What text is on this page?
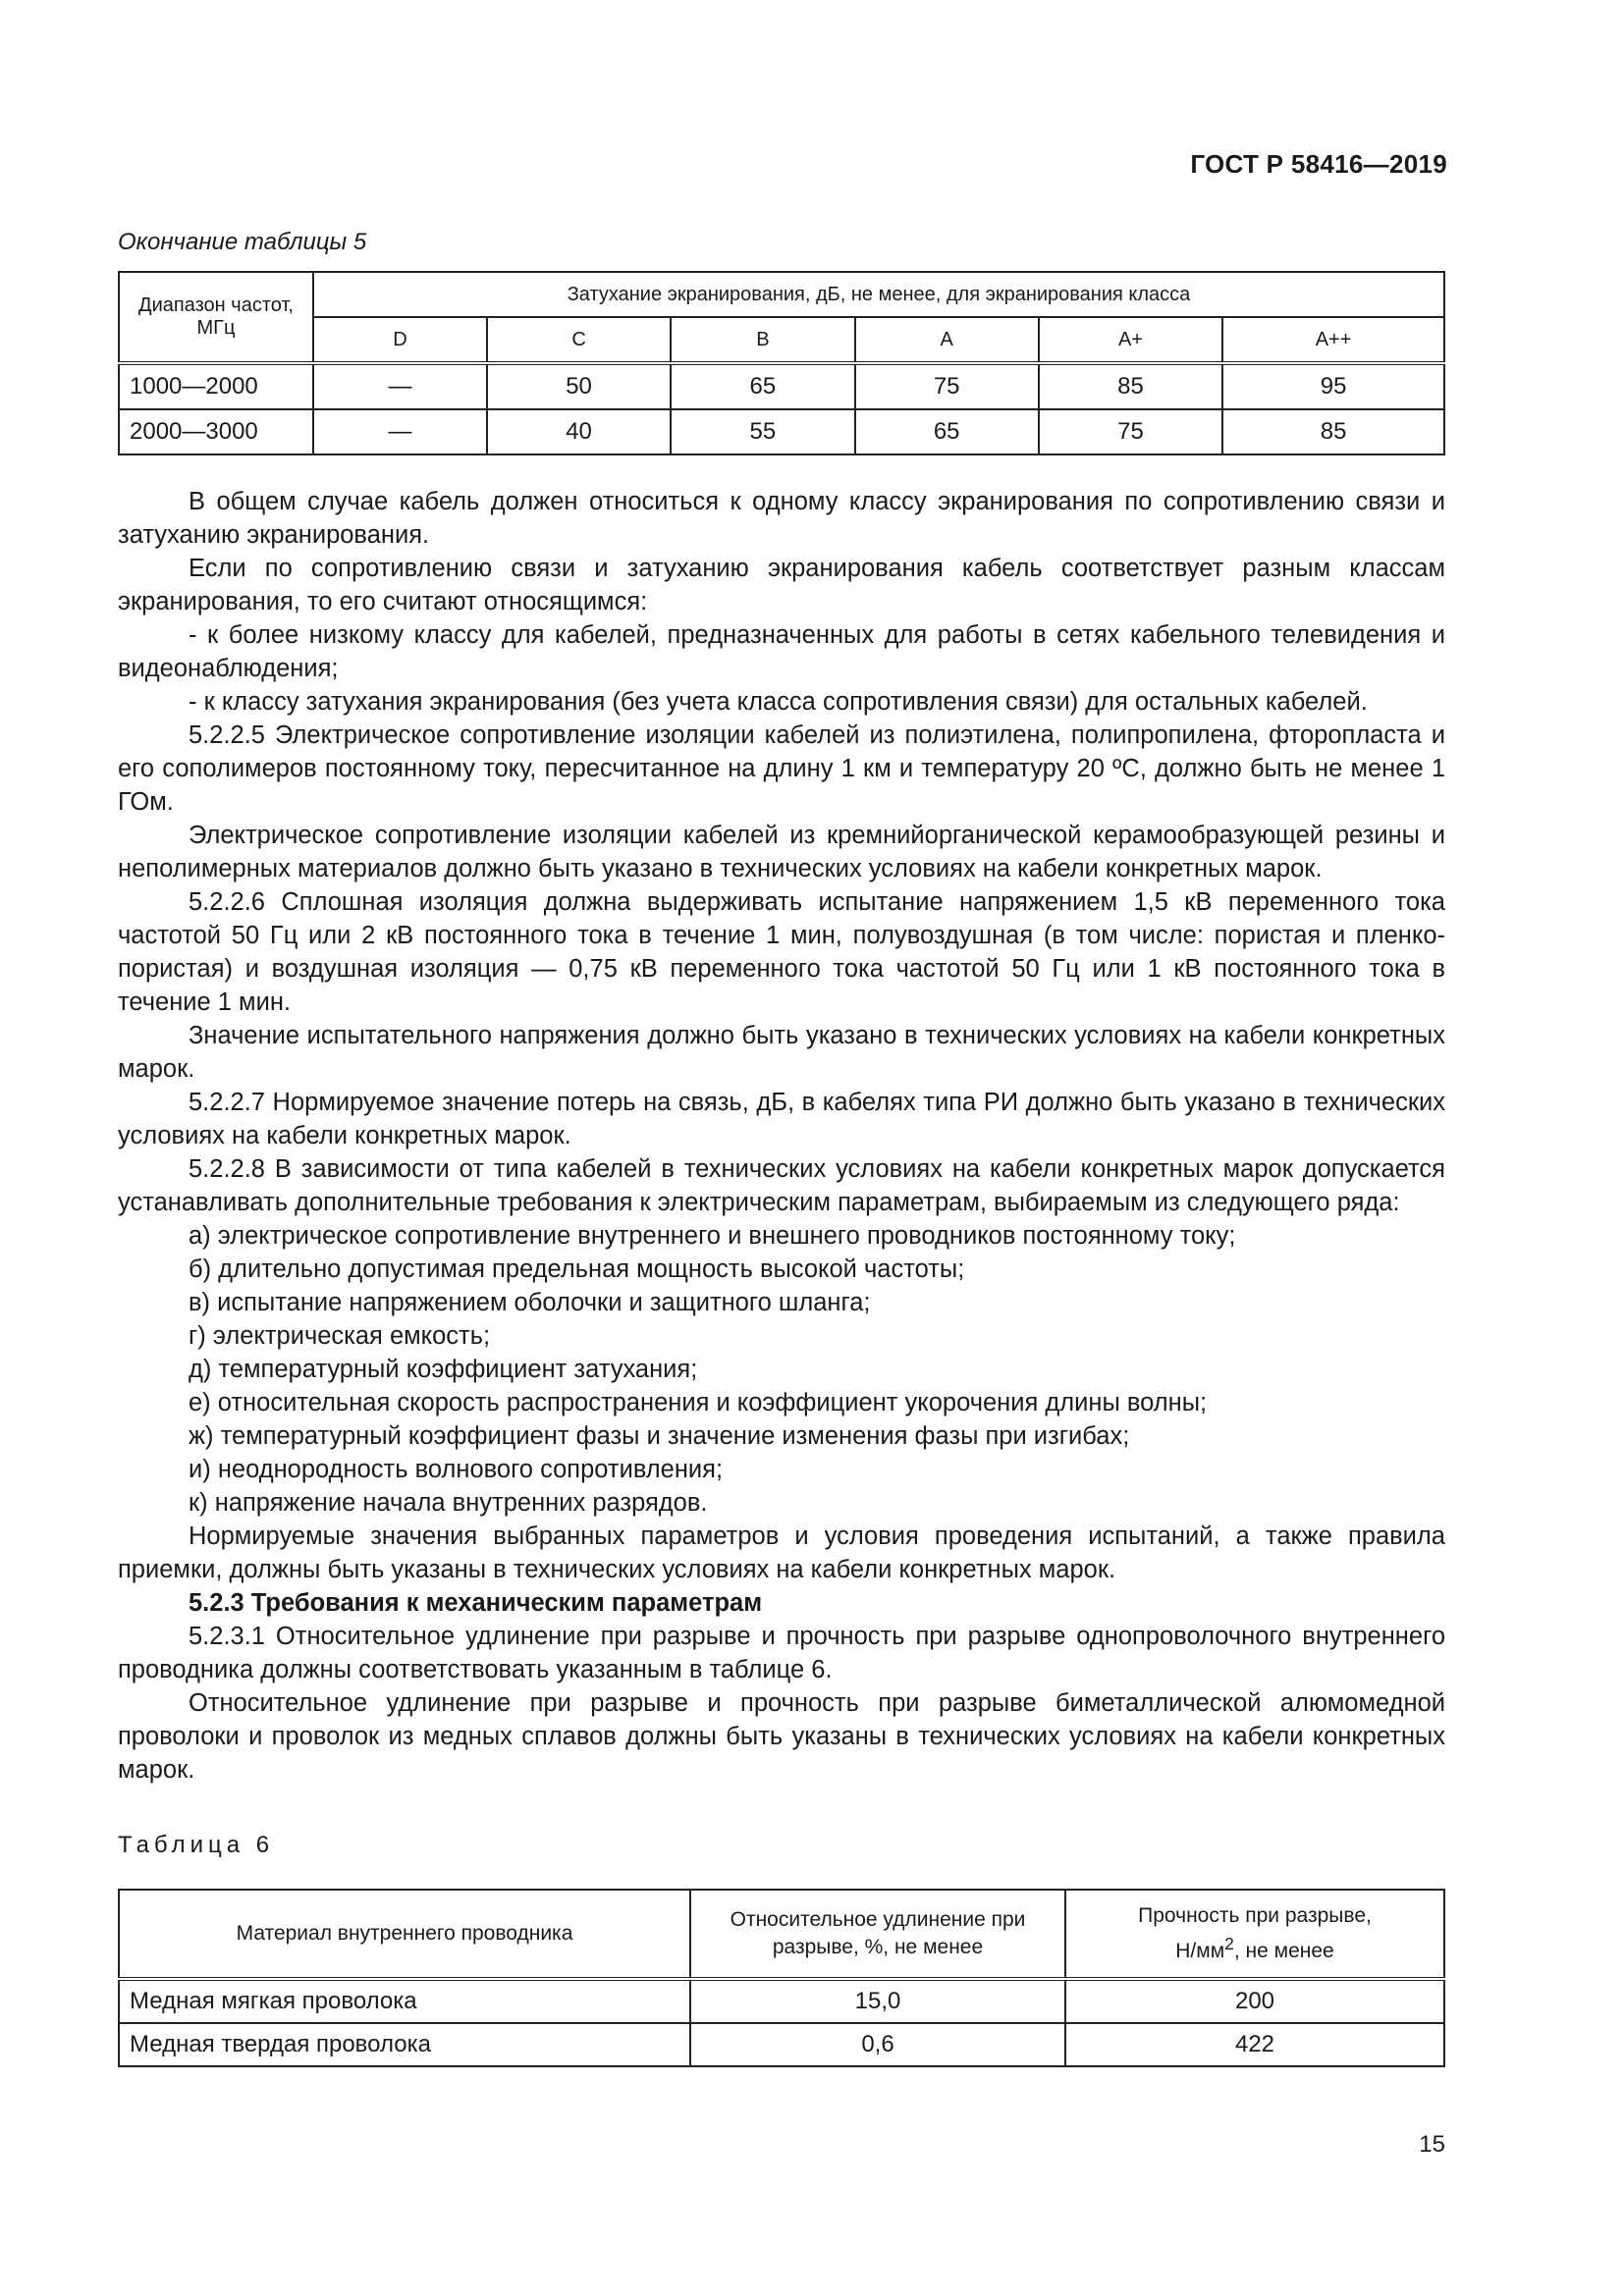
ГОСТ Р 58416—2019
Окончание таблицы 5
Диапазон частот, МГц	Затухание экранирования, дБ, не менее, для экранирования класса					
	D	C	B	A	A+	A++
1000—2000	—	50	65	75	85	95
2000—3000	—	40	55	65	75	85

В общем случае кабель должен относиться к одному классу экранирования по сопротивлению связи и затуханию экранирования.

Если по сопротивлению связи и затуханию экранирования кабель соответствует разным классам экранирования, то его считают относящимся:

- к более низкому классу для кабелей, предназначенных для работы в сетях кабельного телевидения и видеонаблюдения;

- к классу затухания экранирования (без учета класса сопротивления связи) для остальных кабелей.

5.2.2.5 Электрическое сопротивление изоляции кабелей из полиэтилена, полипропилена, фторопласта и его сополимеров постоянному току, пересчитанное на длину 1 км и температуру 20 ºС, должно быть не менее 1 ГОм.

Электрическое сопротивление изоляции кабелей из кремнийорганической керамообразующей резины и неполимерных материалов должно быть указано в технических условиях на кабели конкретных марок.

5.2.2.6 Сплошная изоляция должна выдерживать испытание напряжением 1,5 кВ переменного тока частотой 50 Гц или 2 кВ постоянного тока в течение 1 мин, полувоздушная (в том числе: пористая и пленко-пористая) и воздушная изоляция — 0,75 кВ переменного тока частотой 50 Гц или 1 кВ постоянного тока в течение 1 мин.

Значение испытательного напряжения должно быть указано в технических условиях на кабели конкретных марок.

5.2.2.7 Нормируемое значение потерь на связь, дБ, в кабелях типа РИ должно быть указано в технических условиях на кабели конкретных марок.

5.2.2.8 В зависимости от типа кабелей в технических условиях на кабели конкретных марок допускается устанавливать дополнительные требования к электрическим параметрам, выбираемым из следующего ряда:

а) электрическое сопротивление внутреннего и внешнего проводников постоянному току;

б) длительно допустимая предельная мощность высокой частоты;

в) испытание напряжением оболочки и защитного шланга;

г) электрическая емкость;

д) температурный коэффициент затухания;

е) относительная скорость распространения и коэффициент укорочения длины волны;

ж) температурный коэффициент фазы и значение изменения фазы при изгибах;

и) неоднородность волнового сопротивления;

к) напряжение начала внутренних разрядов.

Нормируемые значения выбранных параметров и условия проведения испытаний, а также правила приемки, должны быть указаны в технических условиях на кабели конкретных марок.

5.2.3 Требования к механическим параметрам

5.2.3.1 Относительное удлинение при разрыве и прочность при разрыве однопроволочного внутреннего проводника должны соответствовать указанным в таблице 6.

Относительное удлинение при разрыве и прочность при разрыве биметаллической алюмомедной проволоки и проволок из медных сплавов должны быть указаны в технических условиях на кабели конкретных марок.

Таблица 6
Материал внутреннего проводника	Относительное удлинение при разрыве, %, не менее	Прочность при разрыве,
$Н/мм^2$, не менее
Медная мягкая проволока	15,0	200
Медная твердая проволока	0,6	422
15
